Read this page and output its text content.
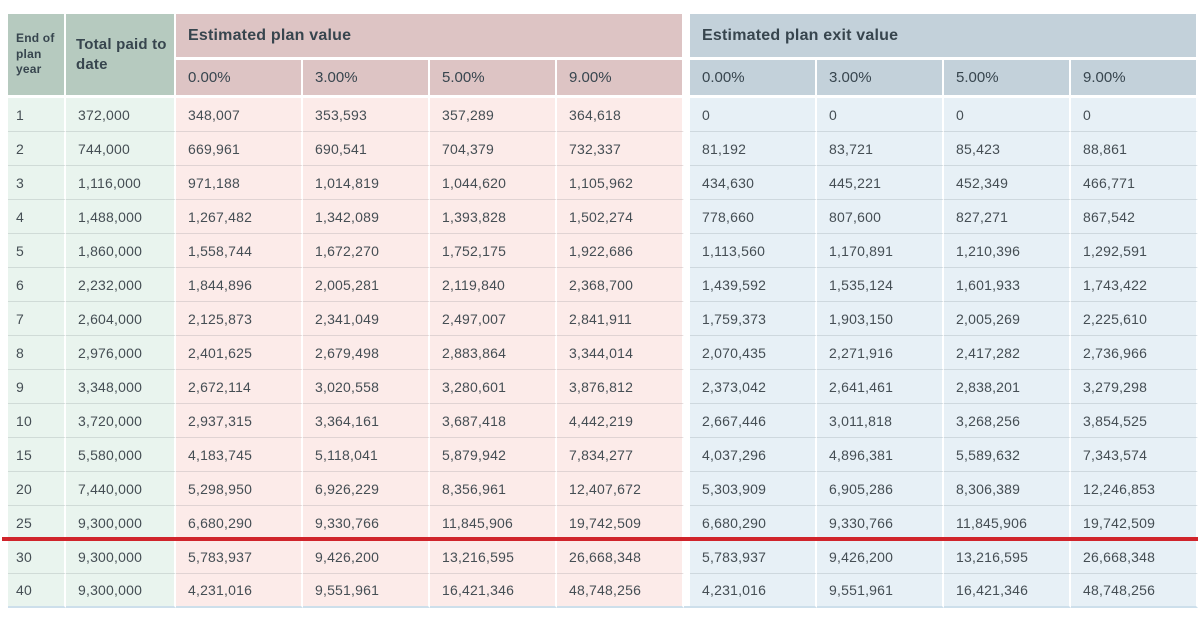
End of plan year	Total paid to date	Estimated plan value					Estimated plan exit value			
		0.00%	3.00%	5.00%	9.00%		0.00%	3.00%	5.00%	9.00%
1	372,000	348,007	353,593	357,289	364,618		0	0	0	0
2	744,000	669,961	690,541	704,379	732,337		81,192	83,721	85,423	88,861
3	1,116,000	971,188	1,014,819	1,044,620	1,105,962		434,630	445,221	452,349	466,771
4	1,488,000	1,267,482	1,342,089	1,393,828	1,502,274		778,660	807,600	827,271	867,542
5	1,860,000	1,558,744	1,672,270	1,752,175	1,922,686		1,113,560	1,170,891	1,210,396	1,292,591
6	2,232,000	1,844,896	2,005,281	2,119,840	2,368,700		1,439,592	1,535,124	1,601,933	1,743,422
7	2,604,000	2,125,873	2,341,049	2,497,007	2,841,911		1,759,373	1,903,150	2,005,269	2,225,610
8	2,976,000	2,401,625	2,679,498	2,883,864	3,344,014		2,070,435	2,271,916	2,417,282	2,736,966
9	3,348,000	2,672,114	3,020,558	3,280,601	3,876,812		2,373,042	2,641,461	2,838,201	3,279,298
10	3,720,000	2,937,315	3,364,161	3,687,418	4,442,219		2,667,446	3,011,818	3,268,256	3,854,525
15	5,580,000	4,183,745	5,118,041	5,879,942	7,834,277		4,037,296	4,896,381	5,589,632	7,343,574
20	7,440,000	5,298,950	6,926,229	8,356,961	12,407,672		5,303,909	6,905,286	8,306,389	12,246,853
25	9,300,000	6,680,290	9,330,766	11,845,906	19,742,509		6,680,290	9,330,766	11,845,906	19,742,509
30	9,300,000	5,783,937	9,426,200	13,216,595	26,668,348		5,783,937	9,426,200	13,216,595	26,668,348
40	9,300,000	4,231,016	9,551,961	16,421,346	48,748,256		4,231,016	9,551,961	16,421,346	48,748,256
